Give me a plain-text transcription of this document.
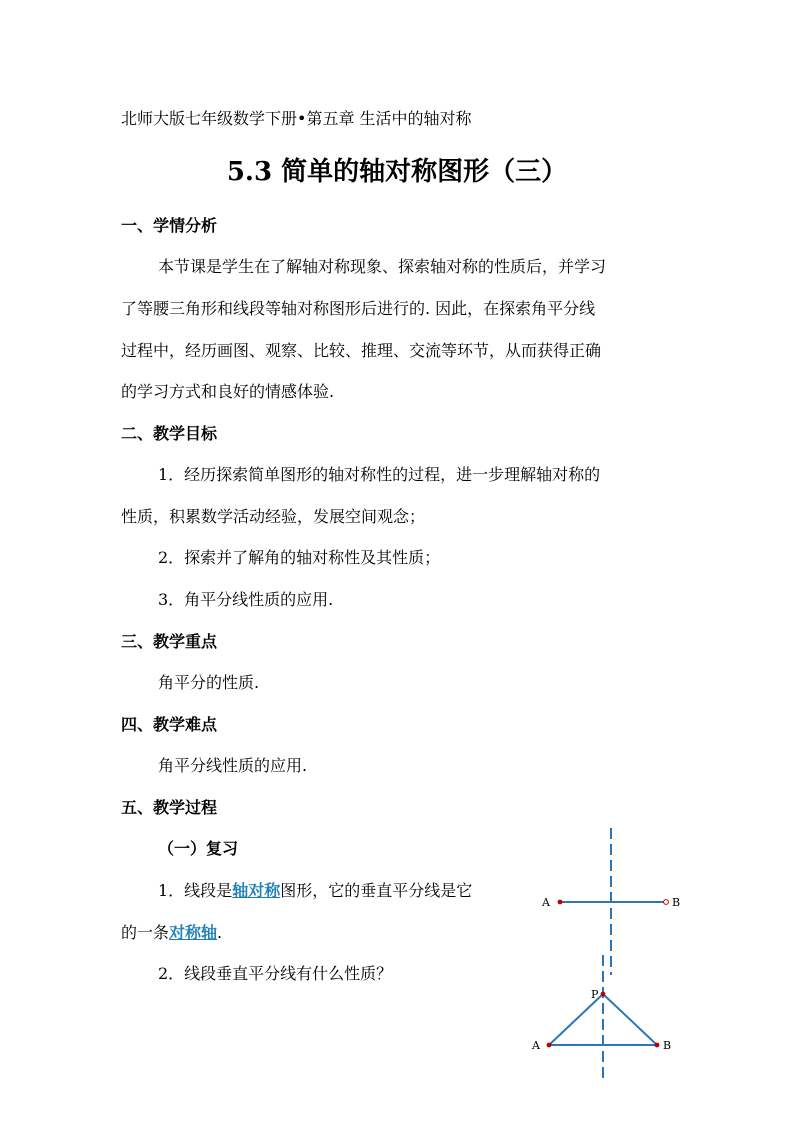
北师大版七年级数学下册•第五章 生活中的轴对称
5.3 简单的轴对称图形（三）
一、学情分析
本节课是学生在了解轴对称现象、探索轴对称的性质后，并学习
了等腰三角形和线段等轴对称图形后进行的. 因此，在探索角平分线
过程中，经历画图、观察、比较、推理、交流等环节，从而获得正确
的学习方式和良好的情感体验.
二、教学目标
1．经历探索简单图形的轴对称性的过程，进一步理解轴对称的
性质，积累数学活动经验，发展空间观念；
2．探索并了解角的轴对称性及其性质；
3．角平分线性质的应用.
三、教学重点
角平分的性质.
四、教学难点
角平分线性质的应用.
五、教学过程
（一）复习
1．线段是轴对称图形，它的垂直平分线是它
的一条对称轴.
2．线段垂直平分线有什么性质？
A	B
P
A	B
